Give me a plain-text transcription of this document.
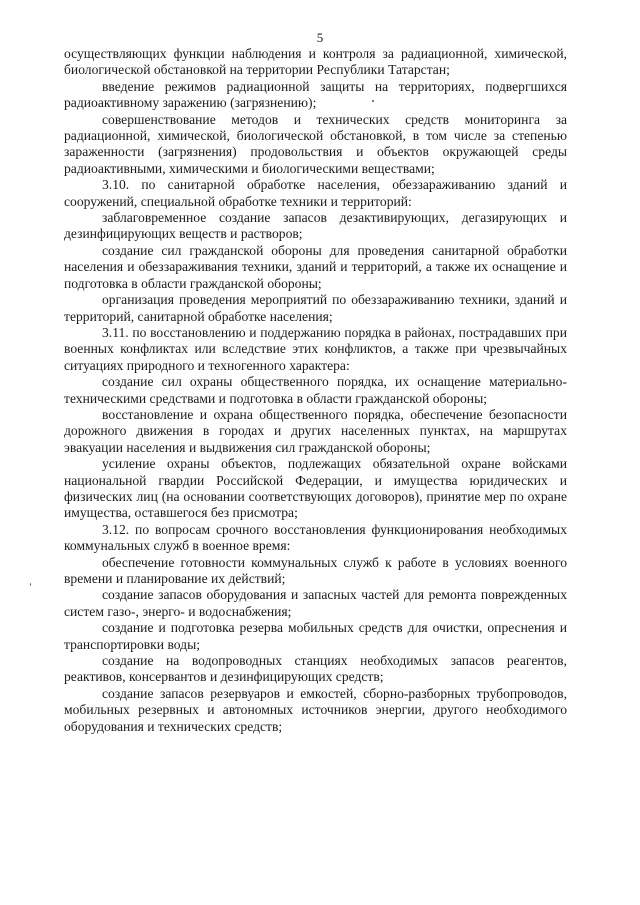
5

осуществляющих функции наблюдения и контроля за радиационной, химической, биологической обстановкой на территории Республики Татарстан;

введение режимов радиационной защиты на территориях, подвергшихся радиоактивному заражению (загрязнению);

совершенствование методов и технических средств мониторинга за радиационной, химической, биологической обстановкой, в том числе за степенью зараженности (загрязнения) продовольствия и объектов окружающей среды радиоактивными, химическими и биологическими веществами;

3.10. по санитарной обработке населения, обеззараживанию зданий и сооружений, специальной обработке техники и территорий:

заблаговременное создание запасов дезактивирующих, дегазирующих и дезинфицирующих веществ и растворов;

создание сил гражданской обороны для проведения санитарной обработки населения и обеззараживания техники, зданий и территорий, а также их оснащение и подготовка в области гражданской обороны;

организация проведения мероприятий по обеззараживанию техники, зданий и территорий, санитарной обработке населения;

3.11. по восстановлению и поддержанию порядка в районах, пострадавших при военных конфликтах или вследствие этих конфликтов, а также при чрезвычайных ситуациях природного и техногенного характера:

создание сил охраны общественного порядка, их оснащение материально-техническими средствами и подготовка в области гражданской обороны;

восстановление и охрана общественного порядка, обеспечение безопасности дорожного движения в городах и других населенных пунктах, на маршрутах эвакуации населения и выдвижения сил гражданской обороны;

усиление охраны объектов, подлежащих обязательной охране войсками национальной гвардии Российской Федерации, и имущества юридических и физических лиц (на основании соответствующих договоров), принятие мер по охране имущества, оставшегося без присмотра;

3.12. по вопросам срочного восстановления функционирования необходимых коммунальных служб в военное время:

обеспечение готовности коммунальных служб к работе в условиях военного времени и планирование их действий;

создание запасов оборудования и запасных частей для ремонта поврежденных систем газо-, энерго- и водоснабжения;

создание и подготовка резерва мобильных средств для очистки, опреснения и транспортировки воды;

создание на водопроводных станциях необходимых запасов реагентов, реактивов, консервантов и дезинфицирующих средств;

создание запасов резервуаров и емкостей, сборно-разборных трубопроводов, мобильных резервных и автономных источников энергии, другого необходимого оборудования и технических средств;
